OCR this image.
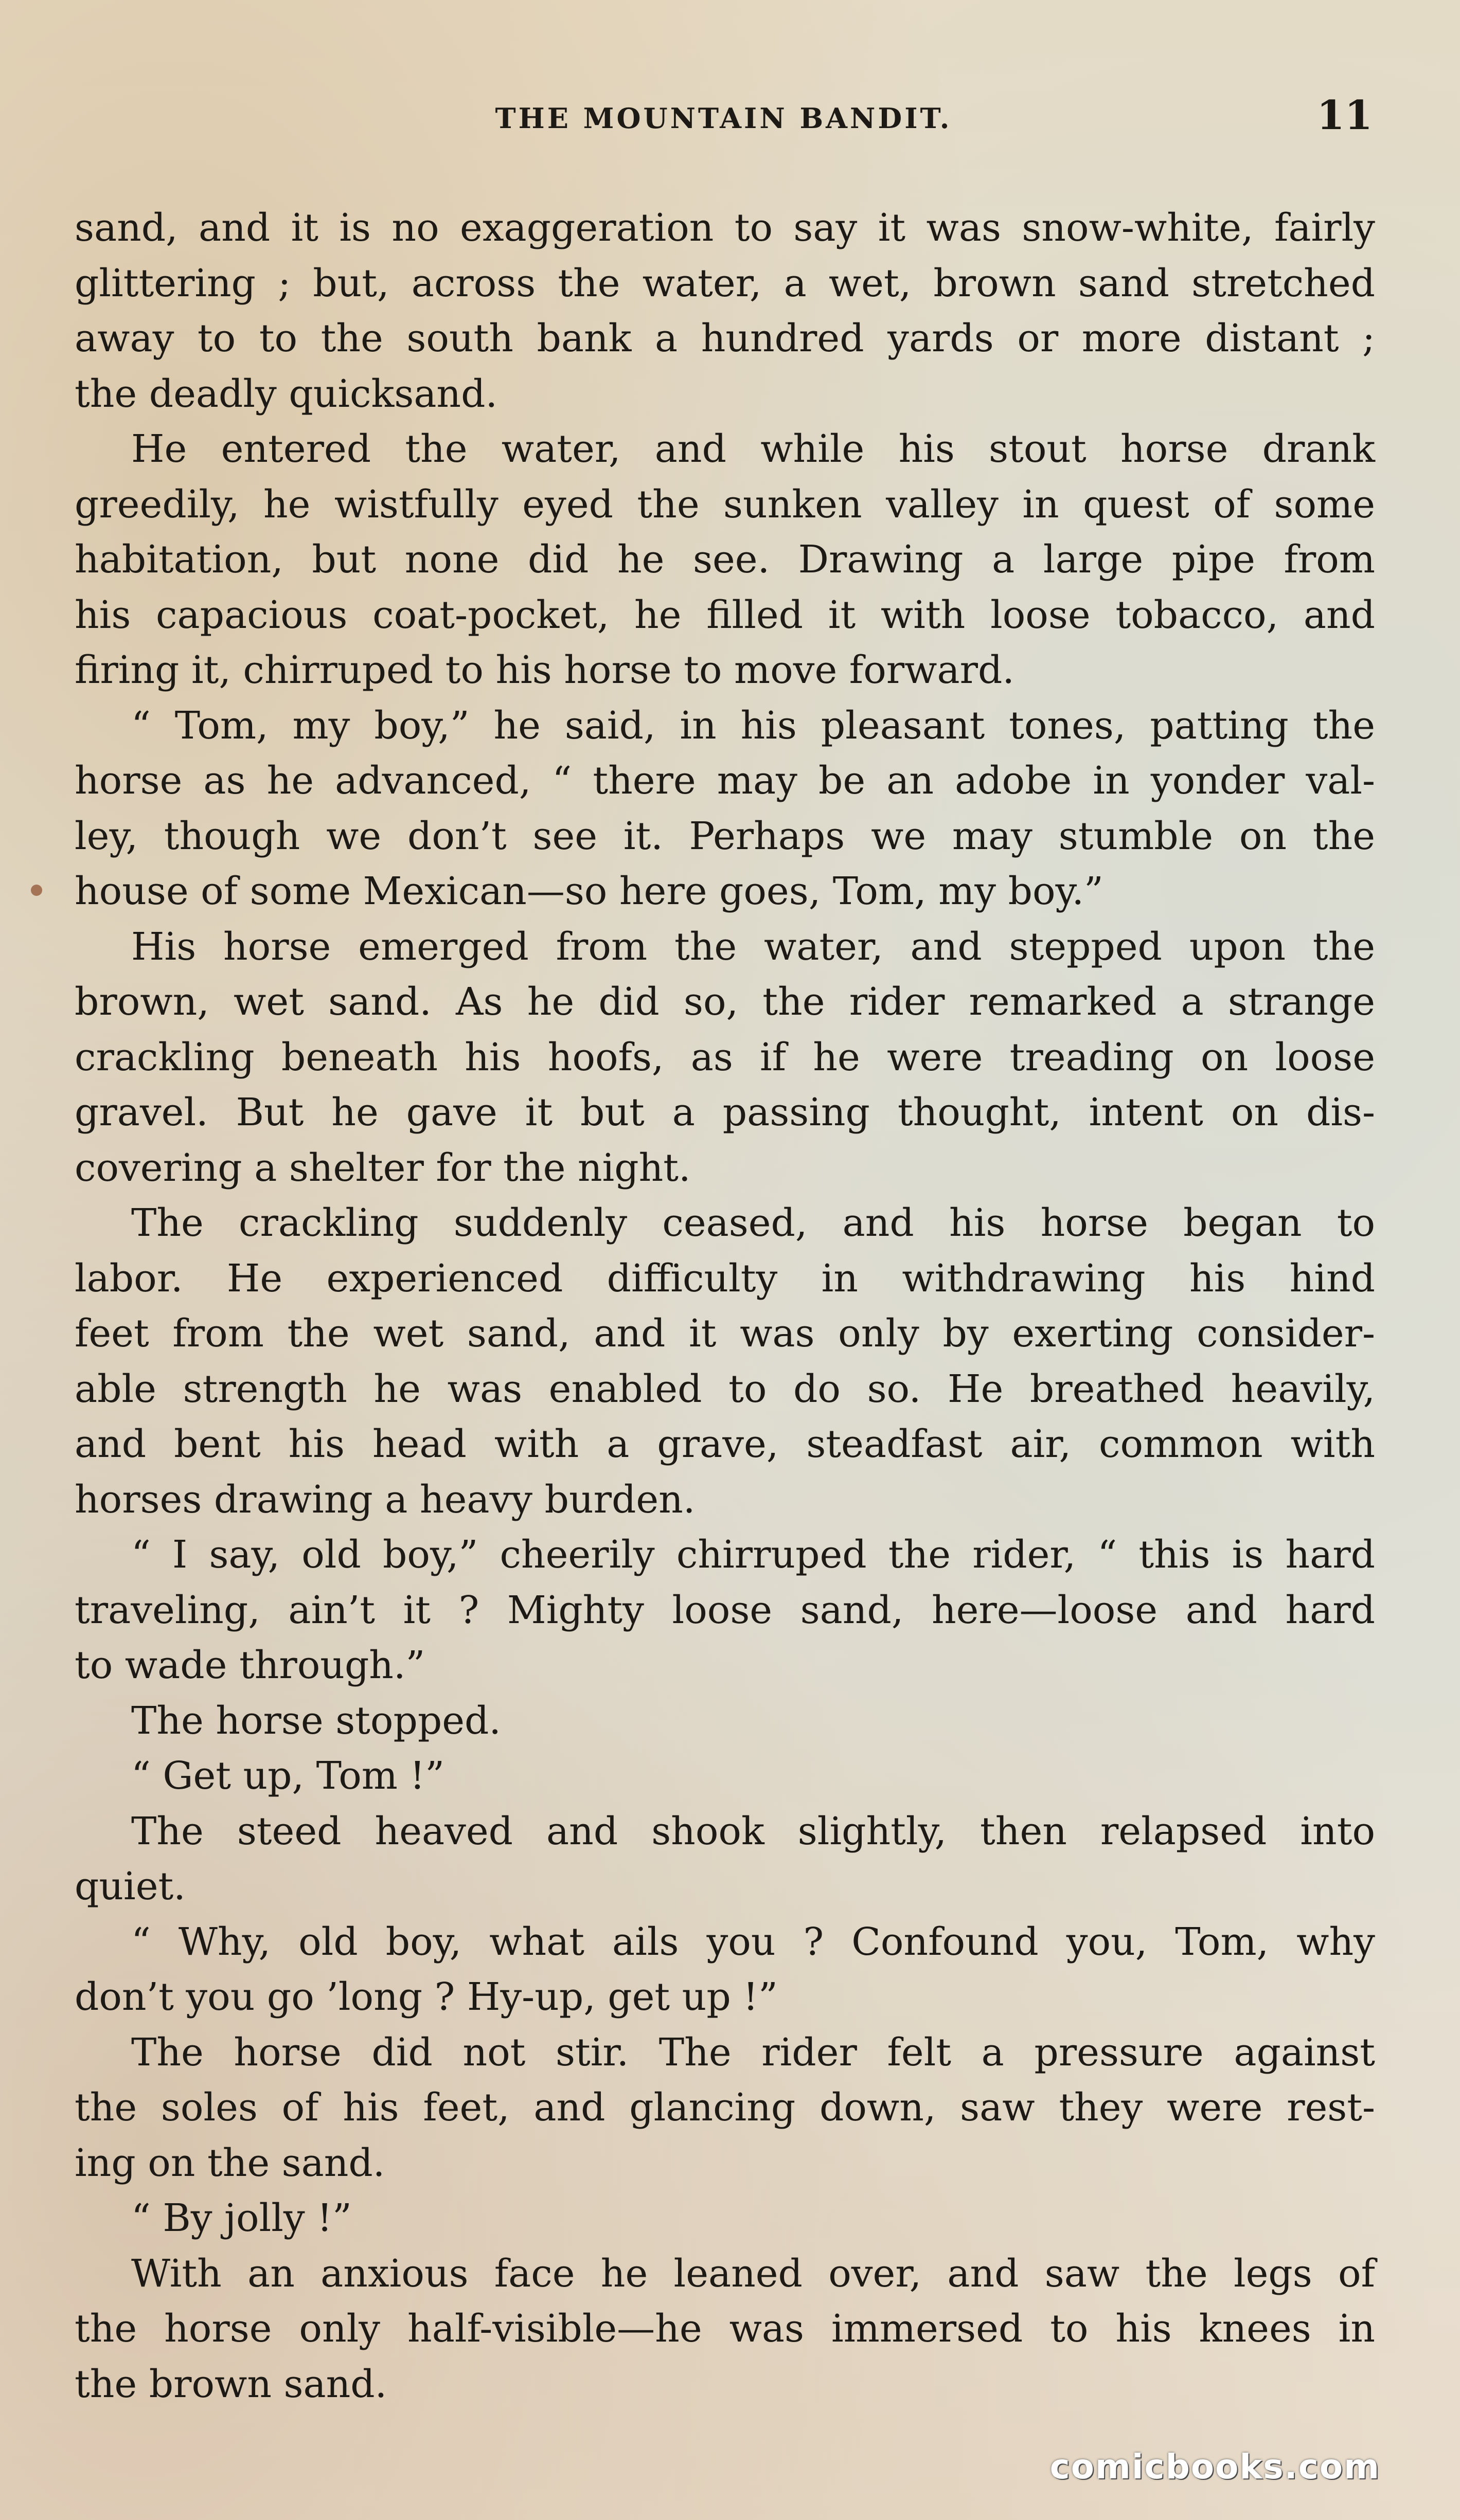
THE MOUNTAIN BANDIT.	11
sand, and it is no exaggeration to say it was snow-white, fairly
glittering ; but, across the water, a wet, brown sand stretched
away to to the south bank a hundred yards or more distant ;
the deadly quicksand.
He entered the water, and while his stout horse drank
greedily, he wistfully eyed the sunken valley in quest of some
habitation, but none did he see. Drawing a large pipe from
his capacious coat-pocket, he filled it with loose tobacco, and
firing it, chirruped to his horse to move forward.
“ Tom, my boy,” he said, in his pleasant tones, patting the
horse as he advanced, “ there may be an adobe in yonder val-
ley, though we don’t see it. Perhaps we may stumble on the
house of some Mexican—so here goes, Tom, my boy.”
His horse emerged from the water, and stepped upon the
brown, wet sand. As he did so, the rider remarked a strange
crackling beneath his hoofs, as if he were treading on loose
gravel. But he gave it but a passing thought, intent on dis-
covering a shelter for the night.
The crackling suddenly ceased, and his horse began to
labor. He experienced difficulty in withdrawing his hind
feet from the wet sand, and it was only by exerting consider-
able strength he was enabled to do so. He breathed heavily,
and bent his head with a grave, steadfast air, common with
horses drawing a heavy burden.
“ I say, old boy,” cheerily chirruped the rider, “ this is hard
traveling, ain’t it ? Mighty loose sand, here—loose and hard
to wade through.”
The horse stopped.
“ Get up, Tom !”
The steed heaved and shook slightly, then relapsed into
quiet.
“ Why, old boy, what ails you ? Confound you, Tom, why
don’t you go ’long ? Hy-up, get up !”
The horse did not stir. The rider felt a pressure against
the soles of his feet, and glancing down, saw they were rest-
ing on the sand.
“ By jolly !”
With an anxious face he leaned over, and saw the legs of
the horse only half-visible—he was immersed to his knees in
the brown sand.
comicbooks.com
